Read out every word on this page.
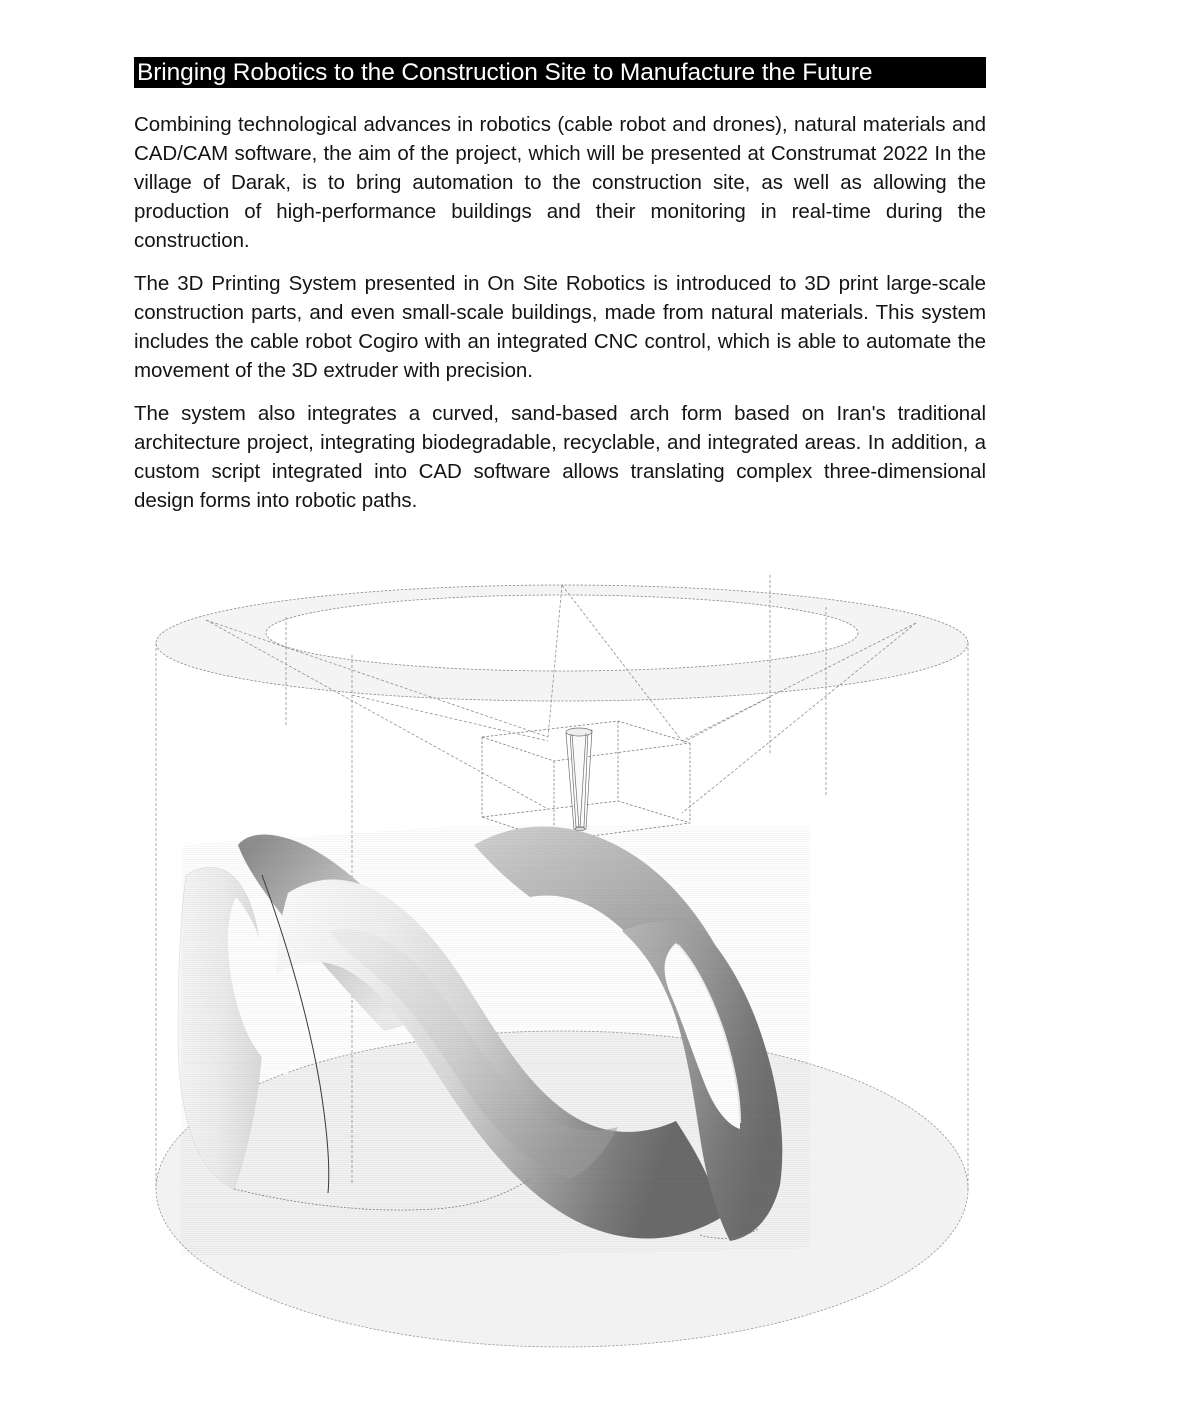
Bringing Robotics to the Construction Site to Manufacture the Future

Combining technological advances in robotics (cable robot and drones), natural materials and CAD/CAM software, the aim of the project, which will be presented at Construmat 2022 In the village of Darak, is to bring automation to the construction site, as well as allowing the production of high-performance buildings and their monitoring in real-time during the construction.

The 3D Printing System presented in On Site Robotics is introduced to 3D print large-scale construction parts, and even small-scale buildings, made from natural materials. This system includes the cable robot Cogiro with an integrated CNC control, which is able to automate the movement of the 3D extruder with precision.

The system also integrates a curved, sand-based arch form based on Iran's traditional architecture project, integrating biodegradable, recyclable, and integrated areas. In addition, a custom script integrated into CAD software allows translating complex three-dimensional design forms into robotic paths.
